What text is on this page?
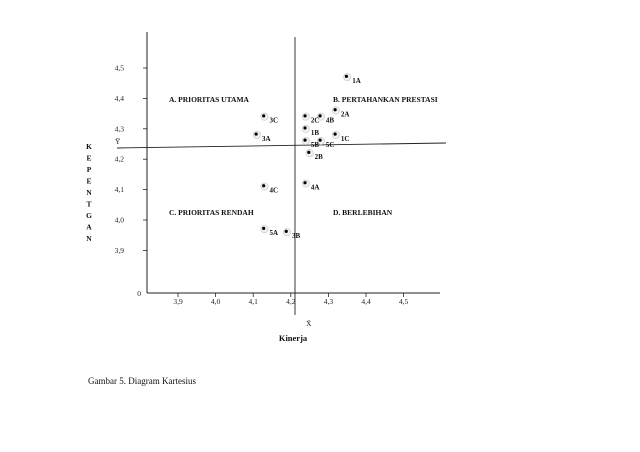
4,5
4,4
4,3
4,2
4,1
4,0
3,9
3,9	4,0	4,1	4,2	4,3	4,4	4,5
0
Y̅
X̄
A. PRIORITAS UTAMA	B. PERTAHANKAN PRESTASI
C. PRIORITAS RENDAH	D. BERLEBIHAN
Kinerja
K
E
P
E
N
T
G
A
N
1A
2A
4B
2C
1B
3C
3A
5B 5C
1C
2B
4A
4C
5A 3B
Gambar 5. Diagram Kartesius
